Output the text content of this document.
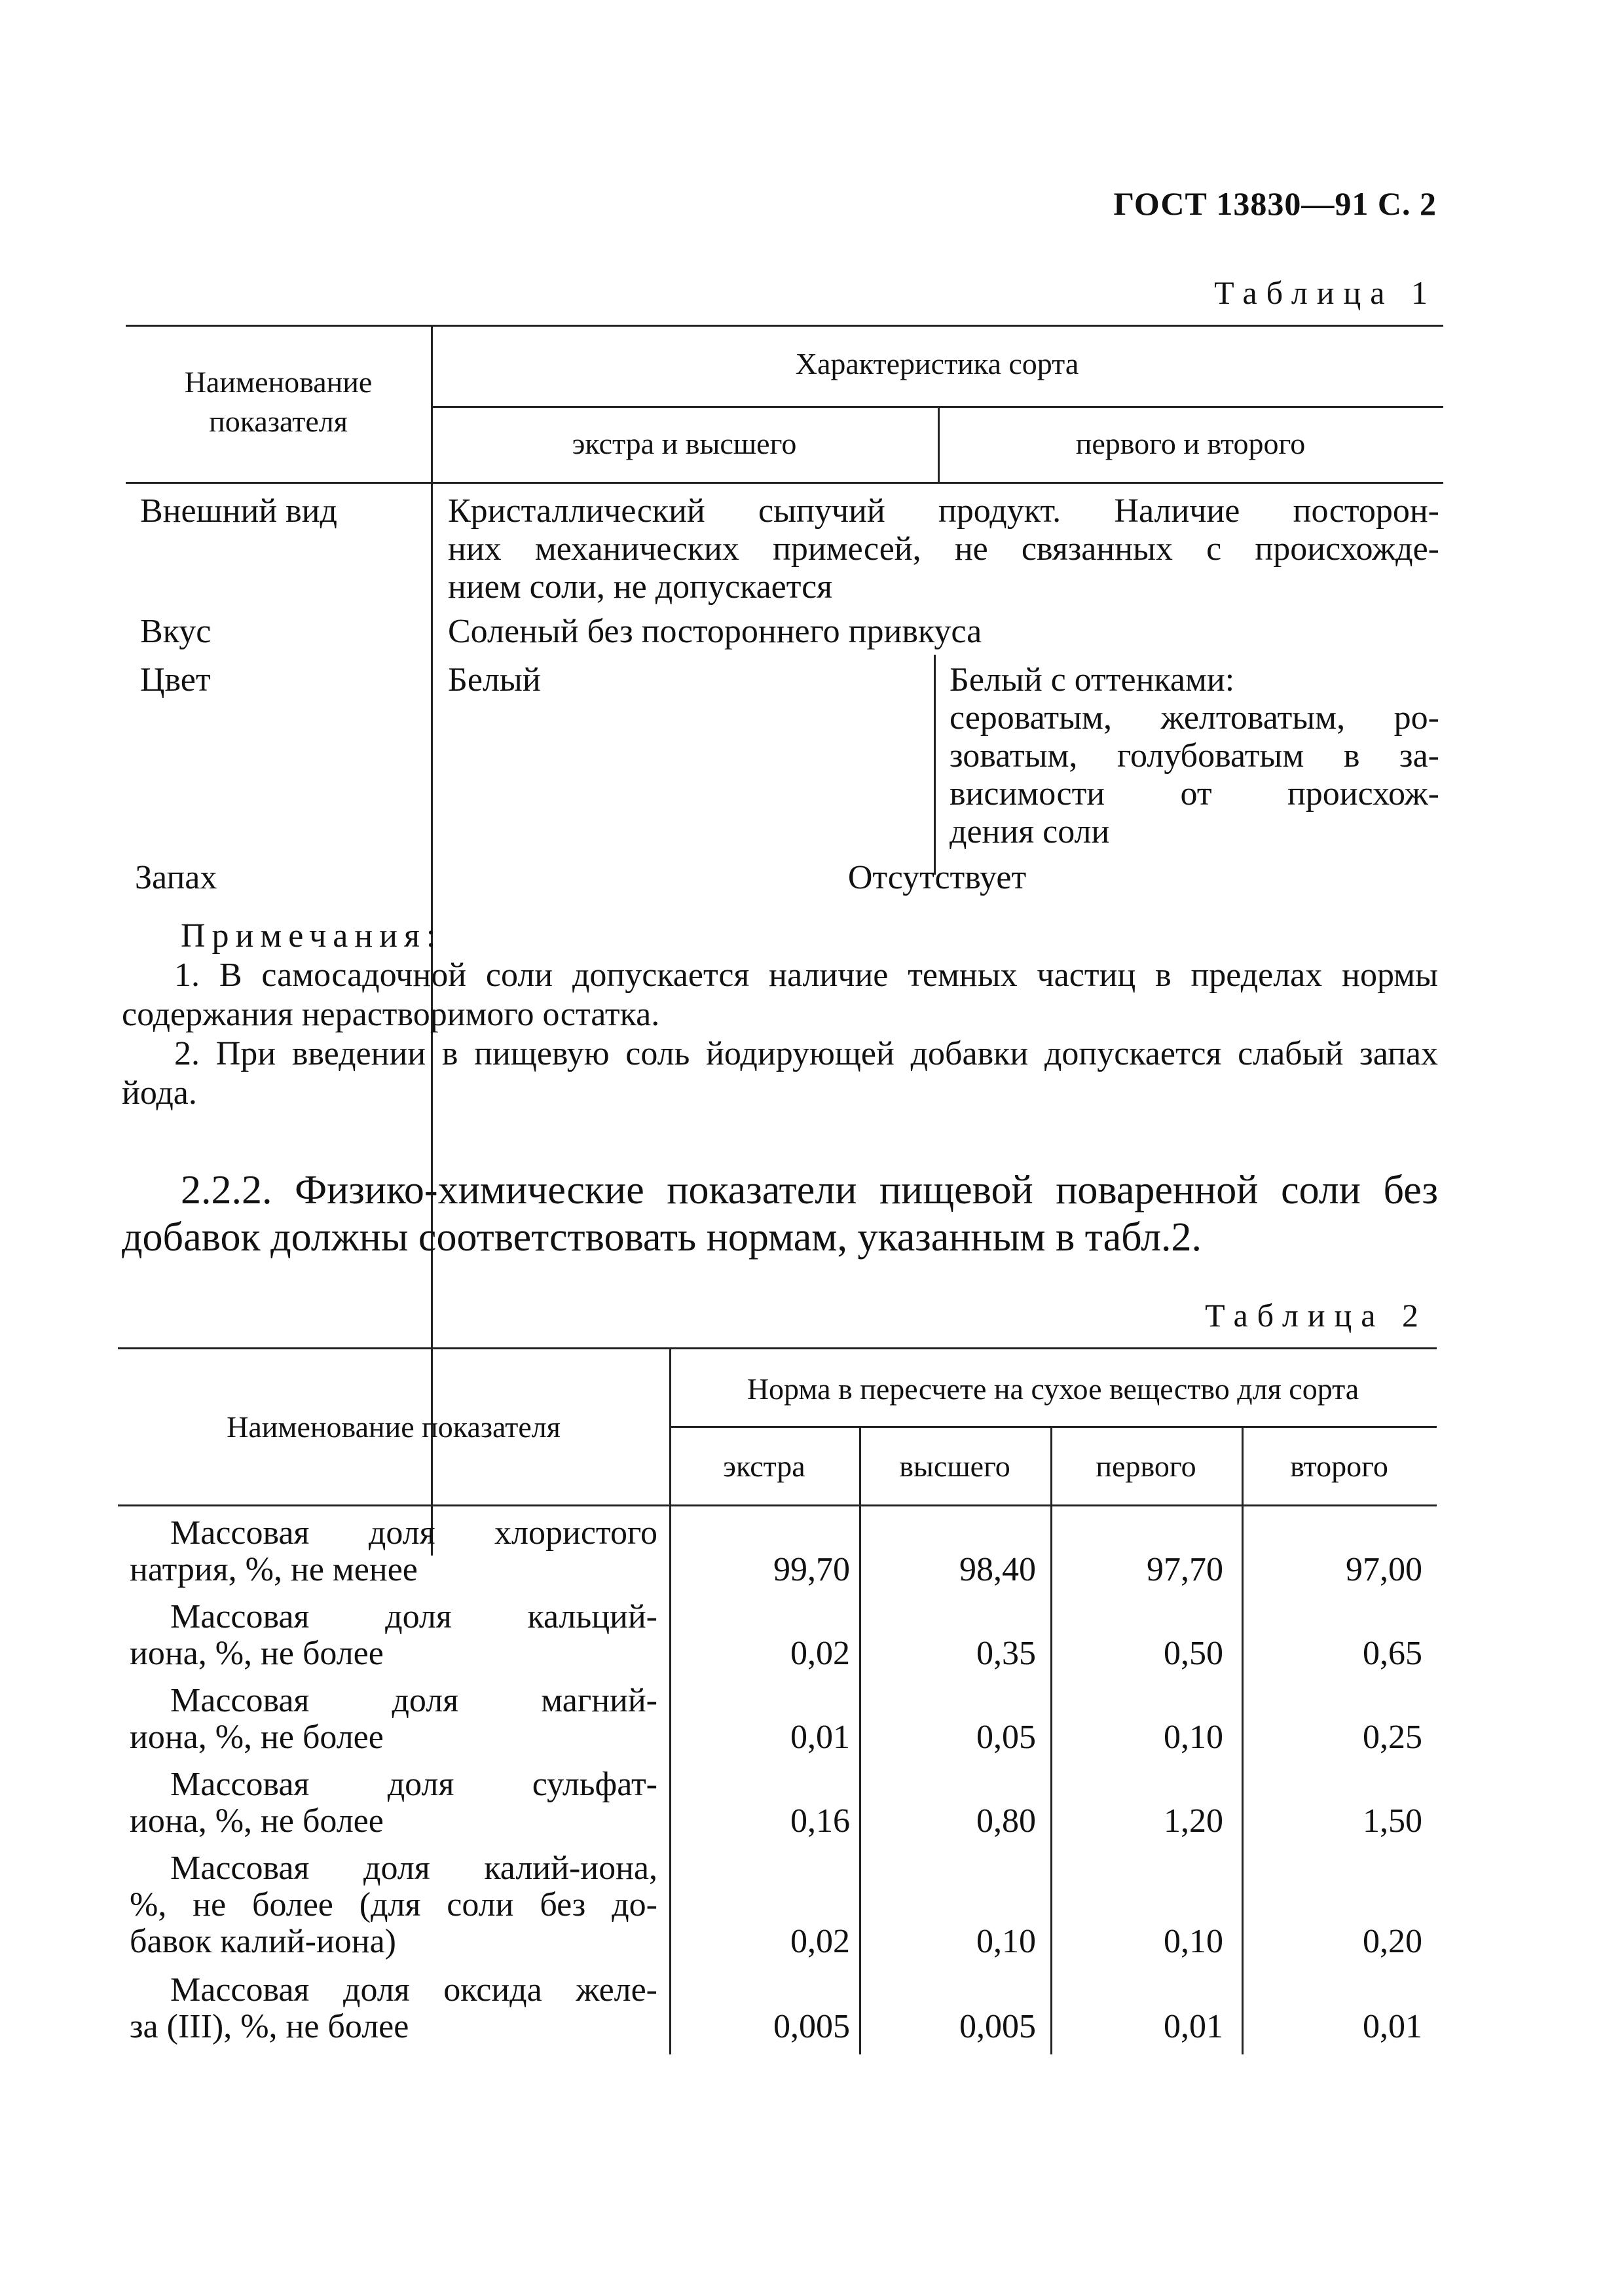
ГОСТ 13830—91 С. 2
Таблица 1
Наименование
показателя
Характеристика сорта
экстра и высшего	первого и второго
Внешний вид	Кристаллический сыпучий продукт. Наличие посторон-
них механических примесей, не связанных с происхожде-
нием соли, не допускается
Вкус	Соленый без постороннего привкуса
Цвет	Белый	Белый с оттенками:
сероватым, желтоватым, ро-
зоватым, голубоватым в за-
висимости от происхож-
дения соли
Запах	Отсутствует
Примечания:
1. В самосадочной соли допускается наличие темных частиц в пределах нормы содержания нерастворимого остатка.
2. При введении в пищевую соль йодирующей добавки допускается слабый запах йода.
2.2.2. Физико-химические показатели пищевой поваренной соли без добавок должны соответствовать нормам, указанным в табл.2.
Таблица 2
Наименование показателя
Норма в пересчете на сухое вещество для сорта
экстра	высшего	первого	второго
Массовая доля хлористого
натрия, %, не менее	99,70	98,40	97,70	97,00
Массовая доля кальций-
иона, %, не более	0,02	0,35	0,50	0,65
Массовая доля магний-
иона, %, не более	0,01	0,05	0,10	0,25
Массовая доля сульфат-
иона, %, не более	0,16	0,80	1,20	1,50
Массовая доля калий-иона,
%, не более (для соли без до-
бавок калий-иона)	0,02	0,10	0,10	0,20
Массовая доля оксида желе-
за (III), %, не более	0,005	0,005	0,01	0,01
